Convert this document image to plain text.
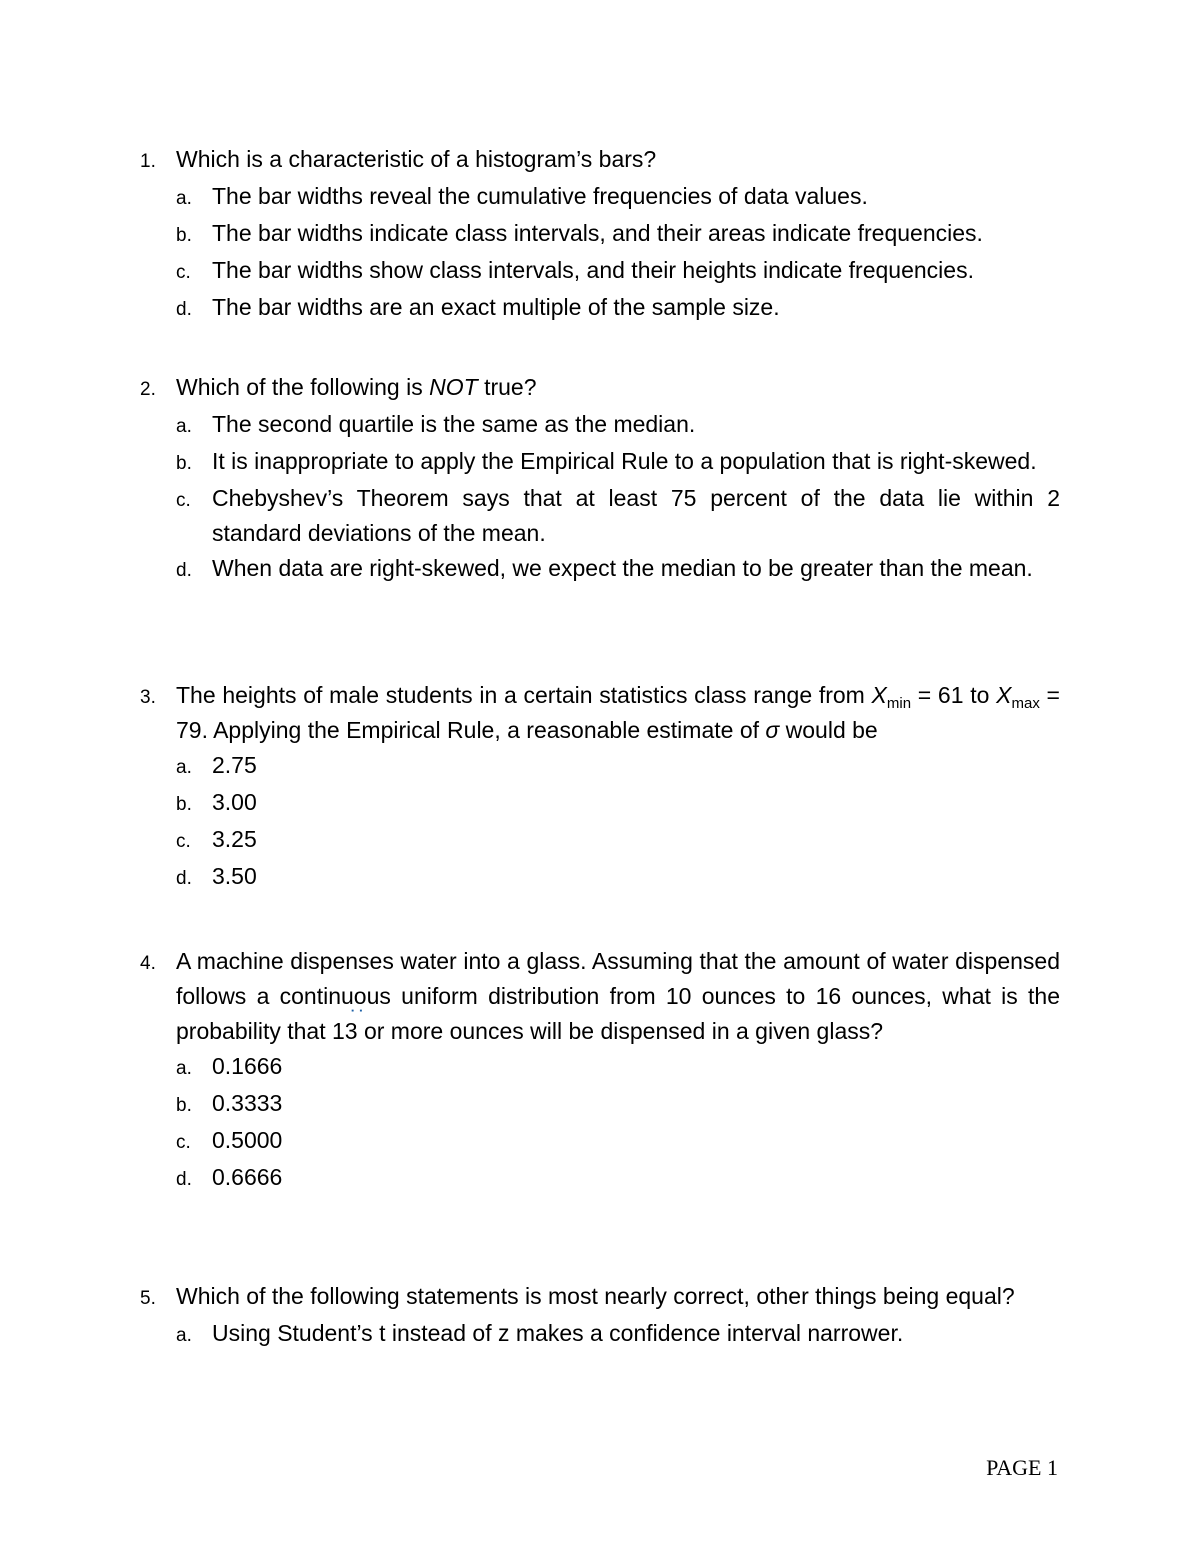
1. Which is a characteristic of a histogram’s bars?
a. The bar widths reveal the cumulative frequencies of data values.
b. The bar widths indicate class intervals, and their areas indicate frequencies.
c. The bar widths show class intervals, and their heights indicate frequencies.
d. The bar widths are an exact multiple of the sample size.
2. Which of the following is NOT true?
a. The second quartile is the same as the median.
b. It is inappropriate to apply the Empirical Rule to a population that is right-skewed.
c. Chebyshev’s Theorem says that at least 75 percent of the data lie within 2 standard deviations of the mean.
d. When data are right-skewed, we expect the median to be greater than the mean.
3. The heights of male students in a certain statistics class range from $X_{min} = 61$ to $X_{max} = 79$. Applying the Empirical Rule, a reasonable estimate of σ would be
a. 2.75
b. 3.00
c. 3.25
d. 3.50
4. A machine dispenses water into a glass. Assuming that the amount of water dispensed follows a continuous uniform distribution from 10 ounces to 16 ounces, what is the probability that 13
˙˙
or more ounces will be dispensed in a given glass?
a. 0.1666
b. 0.3333
c. 0.5000
d. 0.6666
5. Which of the following statements is most nearly correct, other things being equal?
a. Using Student’s t instead of z makes a confidence interval narrower.
PAGE 1
